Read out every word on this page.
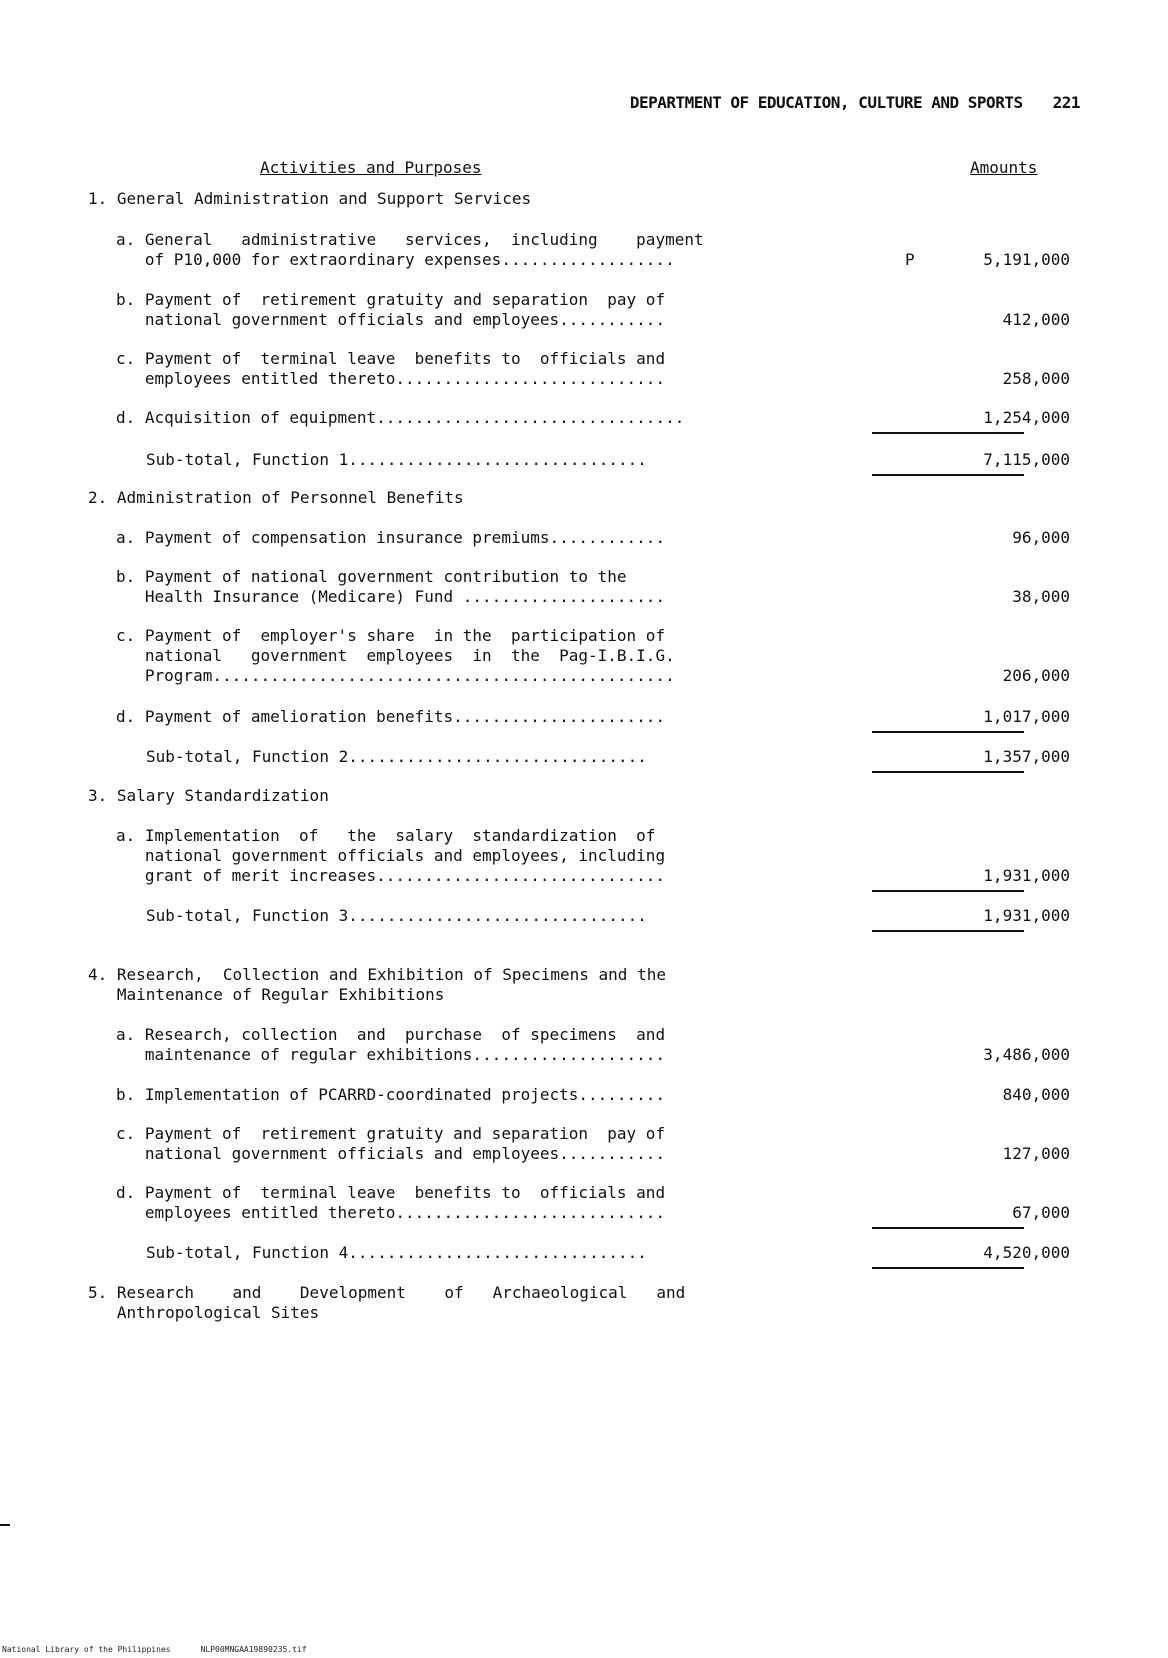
DEPARTMENT OF EDUCATION, CULTURE AND SPORTS 221
Activities and Purposes	Amounts
1. General Administration and Support Services
a. General   administrative   services,  including    payment
of P10,000 for extraordinary expenses..................	P	5,191,000
b. Payment of  retirement gratuity and separation  pay of
national government officials and employees...........	412,000
c. Payment of  terminal leave  benefits to  officials and
employees entitled thereto............................	258,000
d. Acquisition of equipment................................	1,254,000
Sub-total, Function 1...............................	7,115,000
2. Administration of Personnel Benefits
a. Payment of compensation insurance premiums............	96,000
b. Payment of national government contribution to the
Health Insurance (Medicare) Fund .....................	38,000
c. Payment of  employer's share  in the  participation of
national   government  employees  in  the  Pag-I.B.I.G.
Program................................................	206,000
d. Payment of amelioration benefits......................	1,017,000
Sub-total, Function 2...............................	1,357,000
3. Salary Standardization
a. Implementation  of   the  salary  standardization  of
national government officials and employees, including
grant of merit increases..............................	1,931,000
Sub-total, Function 3...............................	1,931,000
4. Research,  Collection and Exhibition of Specimens and the
Maintenance of Regular Exhibitions
a. Research, collection  and  purchase  of specimens  and
maintenance of regular exhibitions....................	3,486,000
b. Implementation of PCARRD-coordinated projects.........	840,000
c. Payment of  retirement gratuity and separation  pay of
national government officials and employees...........	127,000
d. Payment of  terminal leave  benefits to  officials and
employees entitled thereto............................	67,000
Sub-total, Function 4...............................	4,520,000
5. Research    and    Development    of   Archaeological   and
Anthropological Sites
National Library of the Philippines	NLP00MNGAA19890235.tif
